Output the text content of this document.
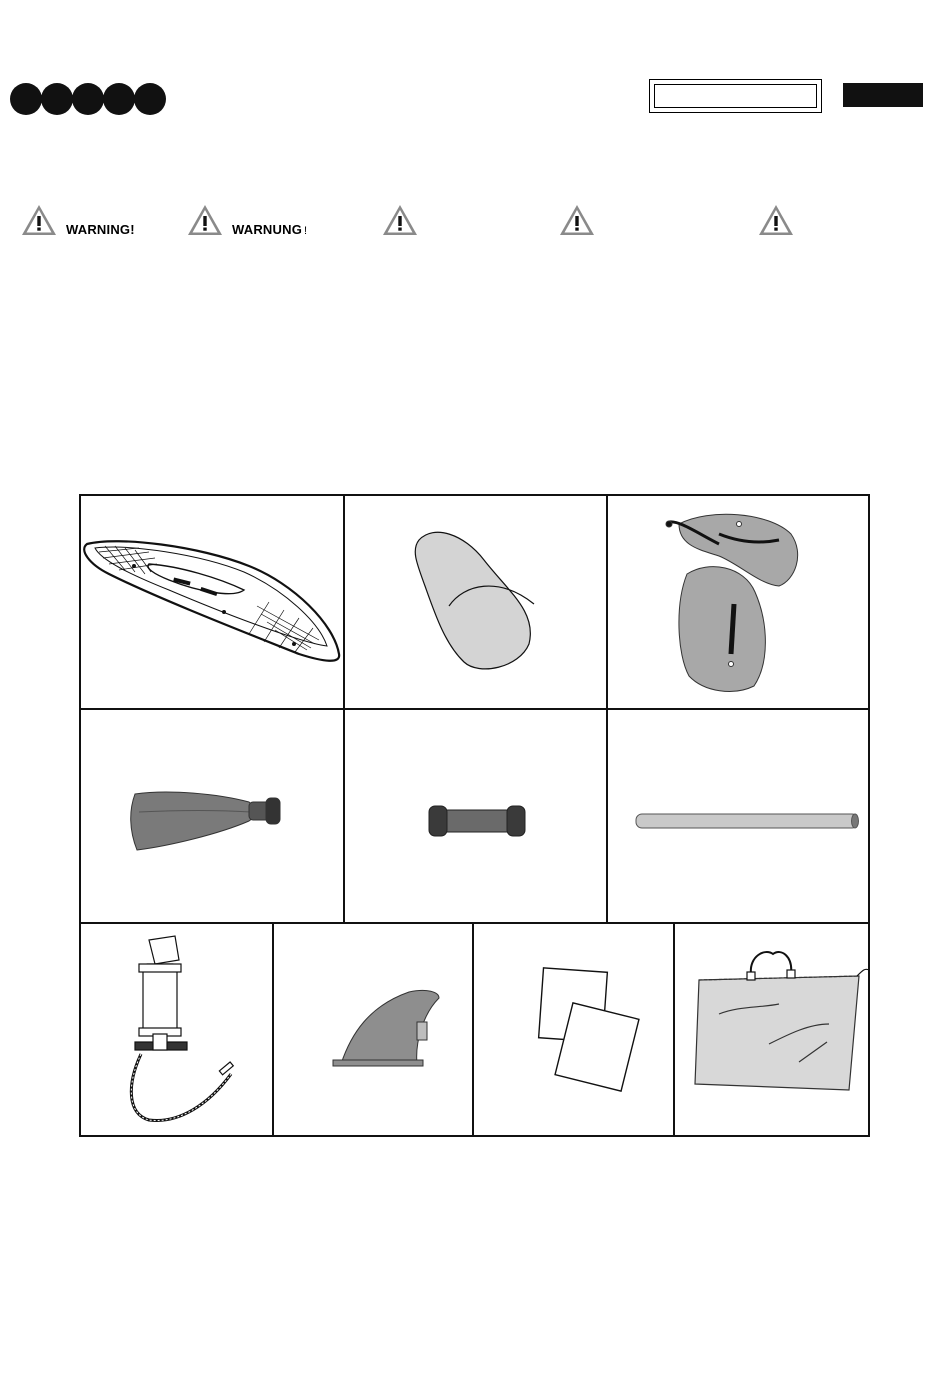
WARNING!	WARNUNG !
